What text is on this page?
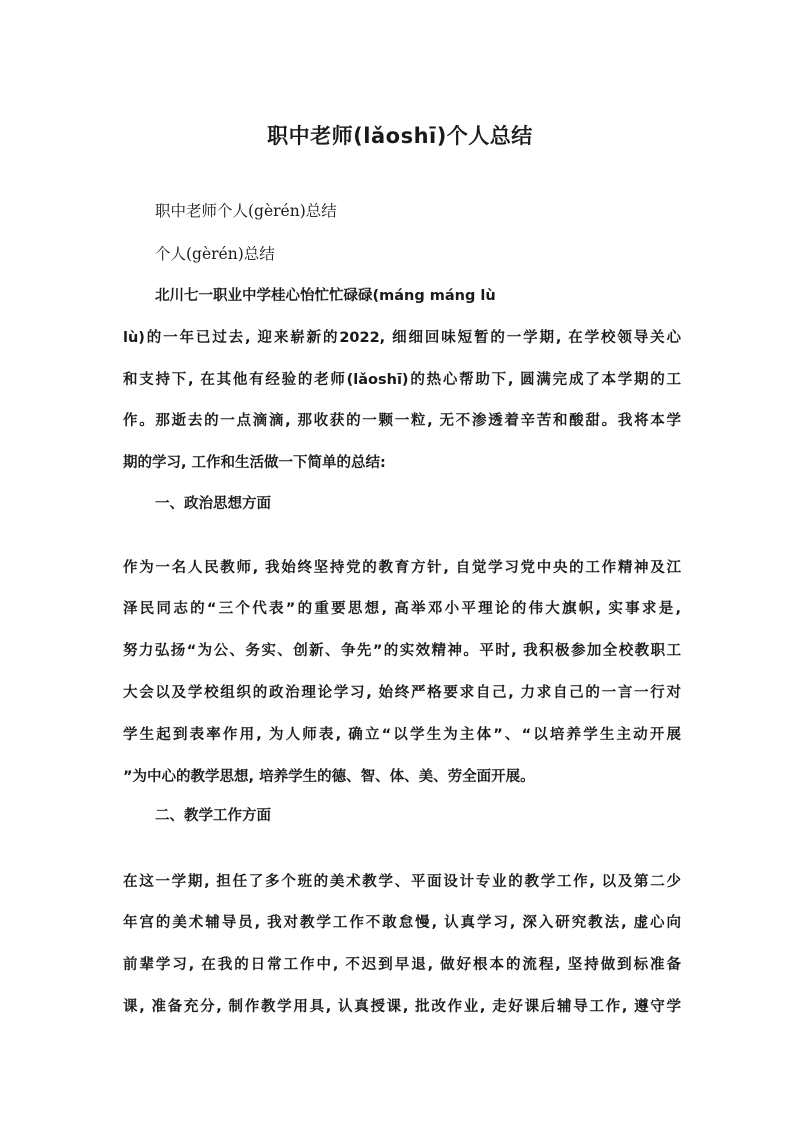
职中老师(lǎoshī)个人总结
职中老师个人(gèrén)总结
个人(gèrén)总结
北川七一职业中学桂心怡忙忙碌碌(máng máng lù
lù)的一年已过去, 迎来崭新的2022, 细细回味短暂的一学期, 在学校领导关心
和支持下, 在其他有经验的老师(lǎoshī)的热心帮助下, 圆满完成了本学期的工
作。那逝去的一点滴滴, 那收获的一颗一粒, 无不渗透着辛苦和酸甜。我将本学
期的学习, 工作和生活做一下简单的总结:
一、政治思想方面
作为一名人民教师, 我始终坚持党的教育方针, 自觉学习党中央的工作精神及江
泽民同志的“三个代表”的重要思想, 高举邓小平理论的伟大旗帜, 实事求是,
努力弘扬“为公、务实、创新、争先”的实效精神。平时, 我积极参加全校教职工
大会以及学校组织的政治理论学习, 始终严格要求自己, 力求自己的一言一行对
学生起到表率作用, 为人师表, 确立“以学生为主体”、“以培养学生主动开展
”为中心的教学思想, 培养学生的德、智、体、美、劳全面开展。
二、教学工作方面
在这一学期, 担任了多个班的美术教学、平面设计专业的教学工作, 以及第二少
年宫的美术辅导员, 我对教学工作不敢怠慢, 认真学习, 深入研究教法, 虚心向
前辈学习, 在我的日常工作中, 不迟到早退, 做好根本的流程, 坚持做到标准备
课, 准备充分, 制作教学用具, 认真授课, 批改作业, 走好课后辅导工作, 遵守学
